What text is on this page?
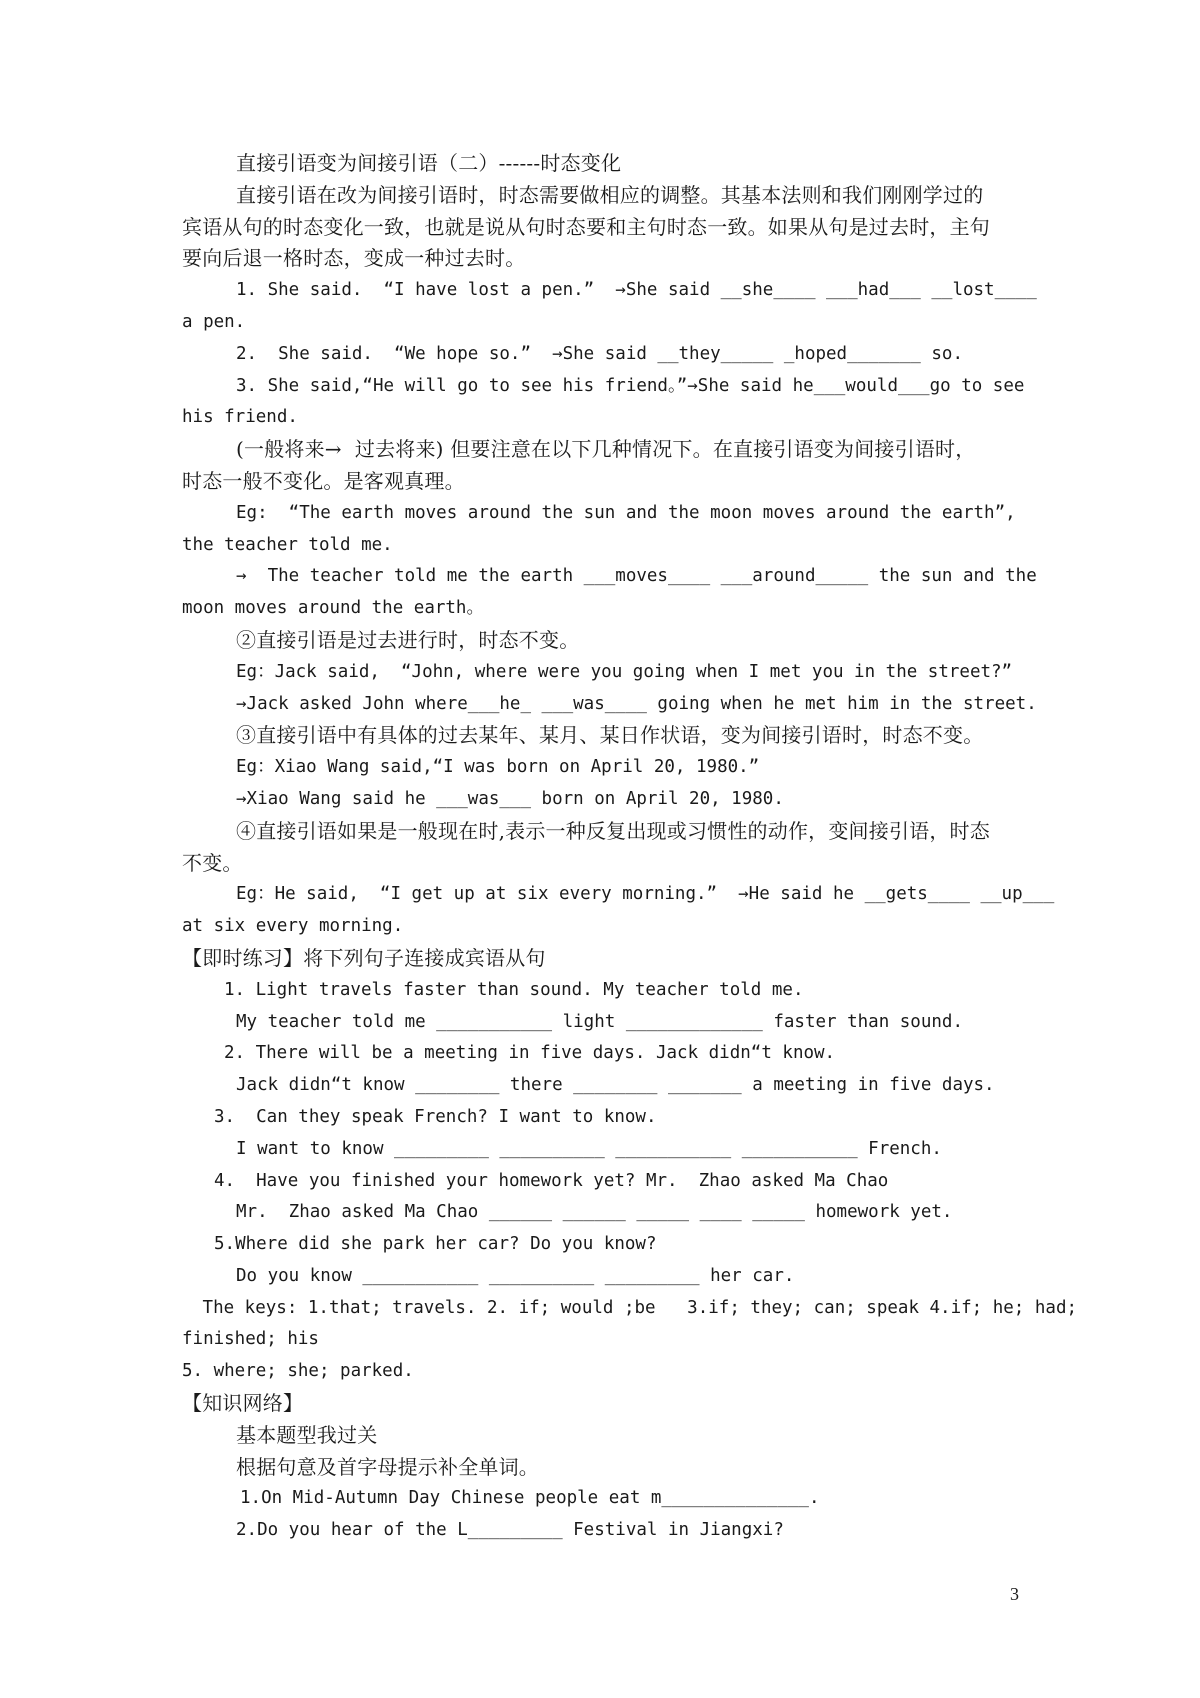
直接引语变为间接引语（二）------时态变化
直接引语在改为间接引语时，时态需要做相应的调整。其基本法则和我们刚刚学过的
宾语从句的时态变化一致，也就是说从句时态要和主句时态一致。如果从句是过去时，主句
要向后退一格时态，变成一种过去时。
1. She said.  “I have lost a pen.”  →She said __she____ ___had___ __lost____
a pen.
2.  She said.  “We hope so.”  →She said __they_____ _hoped_______ so.
3. She said,“He will go to see his friend。”→She said he___would___go to see
his friend.
(一般将来→  过去将来) 但要注意在以下几种情况下。在直接引语变为间接引语时，
时态一般不变化。是客观真理。
Eg:  “The earth moves around the sun and the moon moves around the earth”,
the teacher told me.
→  The teacher told me the earth ___moves____ ___around_____ the sun and the
moon moves around the earth。
②直接引语是过去进行时，时态不变。
Eg：Jack said,  “John, where were you going when I met you in the street?”
→Jack asked John where___he_ ___was____ going when he met him in the street.
③直接引语中有具体的过去某年、某月、某日作状语，变为间接引语时，时态不变。
Eg：Xiao Wang said,“I was born on April 20, 1980.”
→Xiao Wang said he ___was___ born on April 20, 1980.
④直接引语如果是一般现在时,表示一种反复出现或习惯性的动作，变间接引语，时态
不变。
Eg：He said,  “I get up at six every morning.”  →He said he __gets____ __up___
at six every morning.
【即时练习】将下列句子连接成宾语从句
1. Light travels faster than sound. My teacher told me.
My teacher told me ___________ light _____________ faster than sound.
2. There will be a meeting in five days. Jack didn“t know.
Jack didn“t know ________ there ________ _______ a meeting in five days.
3.  Can they speak French? I want to know.
I want to know _________ __________ ___________ ___________ French.
4.  Have you finished your homework yet? Mr.  Zhao asked Ma Chao
Mr.  Zhao asked Ma Chao ______ ______ _____ ____ _____ homework yet.
5.Where did she park her car? Do you know?
Do you know ___________ __________ _________ her car.
The keys: 1.that; travels. 2. if; would ;be   3.if; they; can; speak 4.if; he; had;
finished; his
5. where; she; parked.
【知识网络】
基本题型我过关
根据句意及首字母提示补全单词。
1.On Mid-Autumn Day Chinese people eat m______________.
2.Do you hear of the L_________ Festival in Jiangxi?
3
